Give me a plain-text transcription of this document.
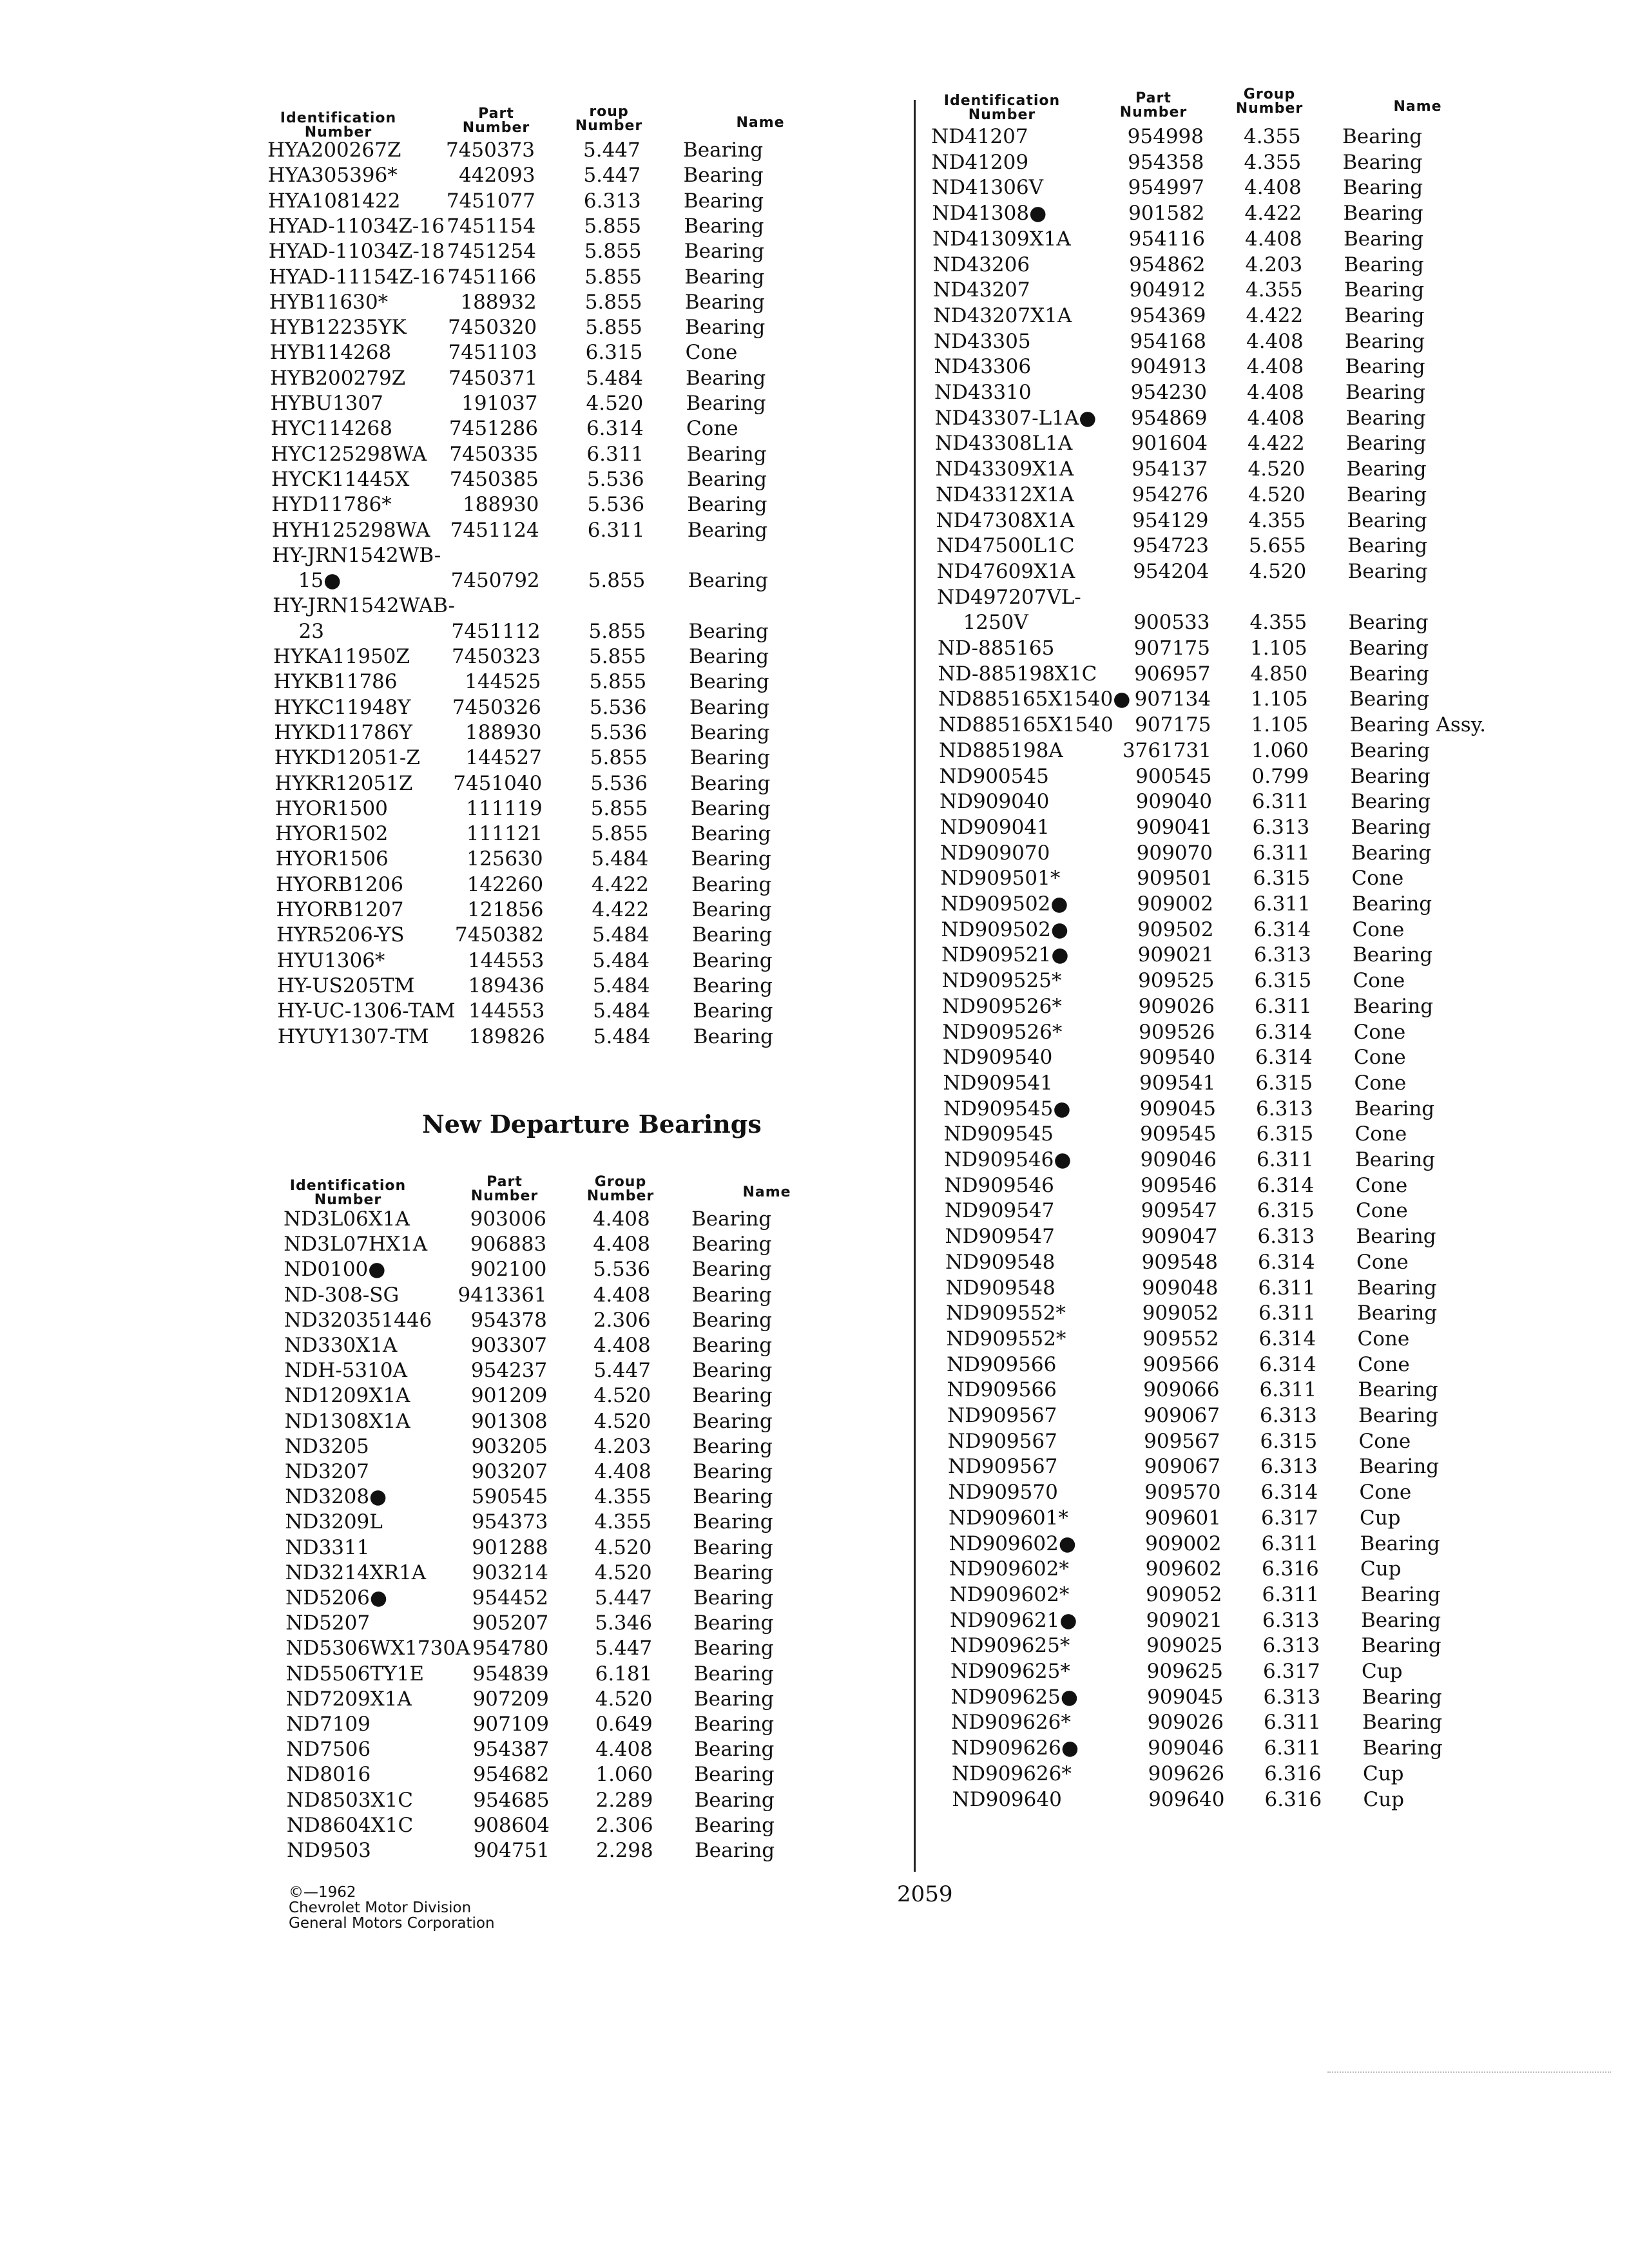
Identification Number
Part Number
roup Number	Name
HYA200267Z	7450373 5.447 Bearing
HYA305396*	442093 5.447 Bearing
HYA1081422	7451077 6.313 Bearing
HYAD-11034Z-16 7451154 5.855 Bearing
HYAD-11034Z-18 7451254 5.855 Bearing
HYAD-11154Z-16 7451166 5.855 Bearing
HYB11630*	188932 5.855 Bearing
HYB12235YK	7450320 5.855 Bearing
HYB114268	7451103 6.315 Cone
HYB200279Z	7450371 5.484 Bearing
HYBU1307	191037 4.520 Bearing
HYC114268	7451286 6.314 Cone
HYC125298WA	7450335 6.311 Bearing
HYCK11445X	7450385 5.536 Bearing
HYD11786*	188930 5.536 Bearing
HYH125298WA	7451124 6.311 Bearing
HY-JRN1542WB-
15●	7450792 5.855 Bearing
HY-JRN1542WAB-
23	7451112 5.855 Bearing
HYKA11950Z	7450323 5.855 Bearing
HYKB11786	144525 5.855 Bearing
HYKC11948Y	7450326 5.536 Bearing
HYKD11786Y	188930 5.536 Bearing
HYKD12051-Z	144527 5.855 Bearing
HYKR12051Z	7451040 5.536 Bearing
HYOR1500	111119 5.855 Bearing
HYOR1502	111121 5.855 Bearing
HYOR1506	125630 5.484 Bearing
HYORB1206	142260 4.422 Bearing
HYORB1207	121856 4.422 Bearing
HYR5206-YS	7450382 5.484 Bearing
HYU1306*	144553 5.484 Bearing
HY-US205TM	189436 5.484 Bearing
HY-UC-1306-TAM 144553 5.484 Bearing
HYUY1307-TM	189826 5.484 Bearing
New Departure Bearings
Identification Number
Part Number
Group Number	Name
ND3L06X1A	903006 4.408 Bearing
ND3L07HX1A	906883 4.408 Bearing
ND0100●	902100 5.536 Bearing
ND-308-SG	9413361 4.408 Bearing
ND320351446	954378 2.306 Bearing
ND330X1A	903307 4.408 Bearing
NDH-5310A	954237 5.447 Bearing
ND1209X1A	901209 4.520 Bearing
ND1308X1A	901308 4.520 Bearing
ND3205	903205 4.203 Bearing
ND3207	903207 4.408 Bearing
ND3208●	590545 4.355 Bearing
ND3209L	954373 4.355 Bearing
ND3311	901288 4.520 Bearing
ND3214XR1A	903214 4.520 Bearing
ND5206●	954452 5.447 Bearing
ND5207	905207 5.346 Bearing
ND5306WX1730A 954780 5.447 Bearing
ND5506TY1E	954839 6.181 Bearing
ND7209X1A	907209 4.520 Bearing
ND7109	907109 0.649 Bearing
ND7506	954387 4.408 Bearing
ND8016	954682 1.060 Bearing
ND8503X1C	954685 2.289 Bearing
ND8604X1C	908604 2.306 Bearing
ND9503	904751 2.298 Bearing
Identification Number
Part Number
Group Number	Name
ND41207	954998 4.355 Bearing
ND41209	954358 4.355 Bearing
ND41306V	954997 4.408 Bearing
ND41308●	901582 4.422 Bearing
ND41309X1A	954116 4.408 Bearing
ND43206	954862 4.203 Bearing
ND43207	904912 4.355 Bearing
ND43207X1A	954369 4.422 Bearing
ND43305	954168 4.408 Bearing
ND43306	904913 4.408 Bearing
ND43310	954230 4.408 Bearing
ND43307-L1A●	954869 4.408 Bearing
ND43308L1A	901604 4.422 Bearing
ND43309X1A	954137 4.520 Bearing
ND43312X1A	954276 4.520 Bearing
ND47308X1A	954129 4.355 Bearing
ND47500L1C	954723 5.655 Bearing
ND47609X1A	954204 4.520 Bearing
ND497207VL-
1250V	900533 4.355 Bearing
ND-885165	907175 1.105 Bearing
ND-885198X1C	906957 4.850 Bearing
ND885165X1540● 907134 1.105 Bearing
ND885165X1540	907175 1.105 Bearing Assy.
ND885198A	3761731 1.060 Bearing
ND900545	900545 0.799 Bearing
ND909040	909040 6.311 Bearing
ND909041	909041 6.313 Bearing
ND909070	909070 6.311 Bearing
ND909501*	909501 6.315 Cone
ND909502●	909002 6.311 Bearing
ND909502●	909502 6.314 Cone
ND909521●	909021 6.313 Bearing
ND909525*	909525 6.315 Cone
ND909526*	909026 6.311 Bearing
ND909526*	909526 6.314 Cone
ND909540	909540 6.314 Cone
ND909541	909541 6.315 Cone
ND909545●	909045 6.313 Bearing
ND909545	909545 6.315 Cone
ND909546●	909046 6.311 Bearing
ND909546	909546 6.314 Cone
ND909547	909547 6.315 Cone
ND909547	909047 6.313 Bearing
ND909548	909548 6.314 Cone
ND909548	909048 6.311 Bearing
ND909552*	909052 6.311 Bearing
ND909552*	909552 6.314 Cone
ND909566	909566 6.314 Cone
ND909566	909066 6.311 Bearing
ND909567	909067 6.313 Bearing
ND909567	909567 6.315 Cone
ND909567	909067 6.313 Bearing
ND909570	909570 6.314 Cone
ND909601*	909601 6.317 Cup
ND909602●	909002 6.311 Bearing
ND909602*	909602 6.316 Cup
ND909602*	909052 6.311 Bearing
ND909621●	909021 6.313 Bearing
ND909625*	909025 6.313 Bearing
ND909625*	909625 6.317 Cup
ND909625●	909045 6.313 Bearing
ND909626*	909026 6.311 Bearing
ND909626●	909046 6.311 Bearing
ND909626*	909626 6.316 Cup
ND909640	909640 6.316 Cup
©—1962
Chevrolet Motor Division
General Motors Corporation
2059
